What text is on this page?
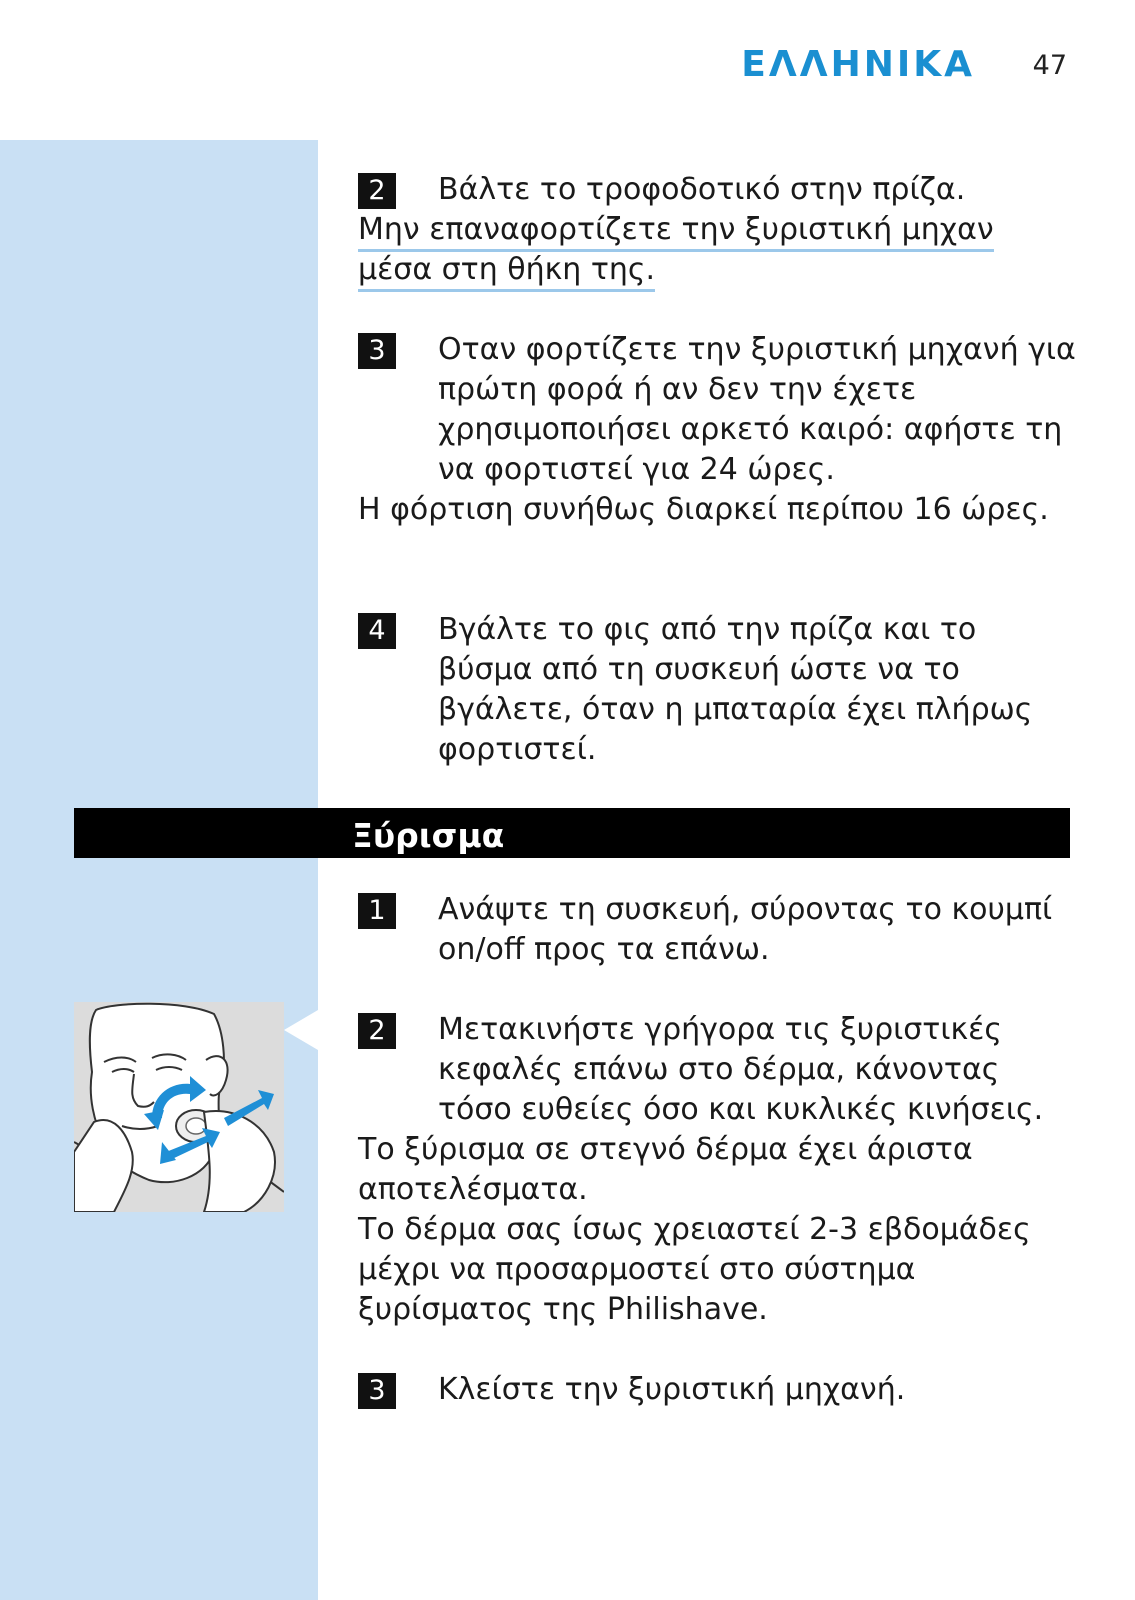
ΕΛΛΗΝΙΚΑ 47
2	Βάλτε το τροφοδοτικό στην πρίζα.
Μην επαναφορτίζετε την ξυριστική μηχαν
μέσα στη θήκη της.
3	Οταν φορτίζετε την ξυριστική μηχανή για πρώτη φορά ή αν δεν την έχετε χρησιμοποιήσει αρκετό καιρό: αφήστε τη να φορτιστεί για 24 ώρες.
Η φόρτιση συνήθως διαρκεί περίπου 16 ώρες.
4	Βγάλτε το φις από την πρίζα και το βύσμα από τη συσκευή ώστε να το βγάλετε, όταν η μπαταρία έχει πλήρως φορτιστεί.
Ξύρισμα
1	Ανάψτε τη συσκευή, σύροντας το κουμπί on/off προς τα επάνω.
2	Μετακινήστε γρήγορα τις ξυριστικές κεφαλές επάνω στο δέρμα, κάνοντας τόσο ευθείες όσο και κυκλικές κινήσεις.
Το ξύρισμα σε στεγνό δέρμα έχει άριστα αποτελέσματα.
Το δέρμα σας ίσως χρειαστεί 2-3 εβδομάδες μέχρι να προσαρμοστεί στο σύστημα ξυρίσματος της Philishave.
3	Κλείστε την ξυριστική μηχανή.
